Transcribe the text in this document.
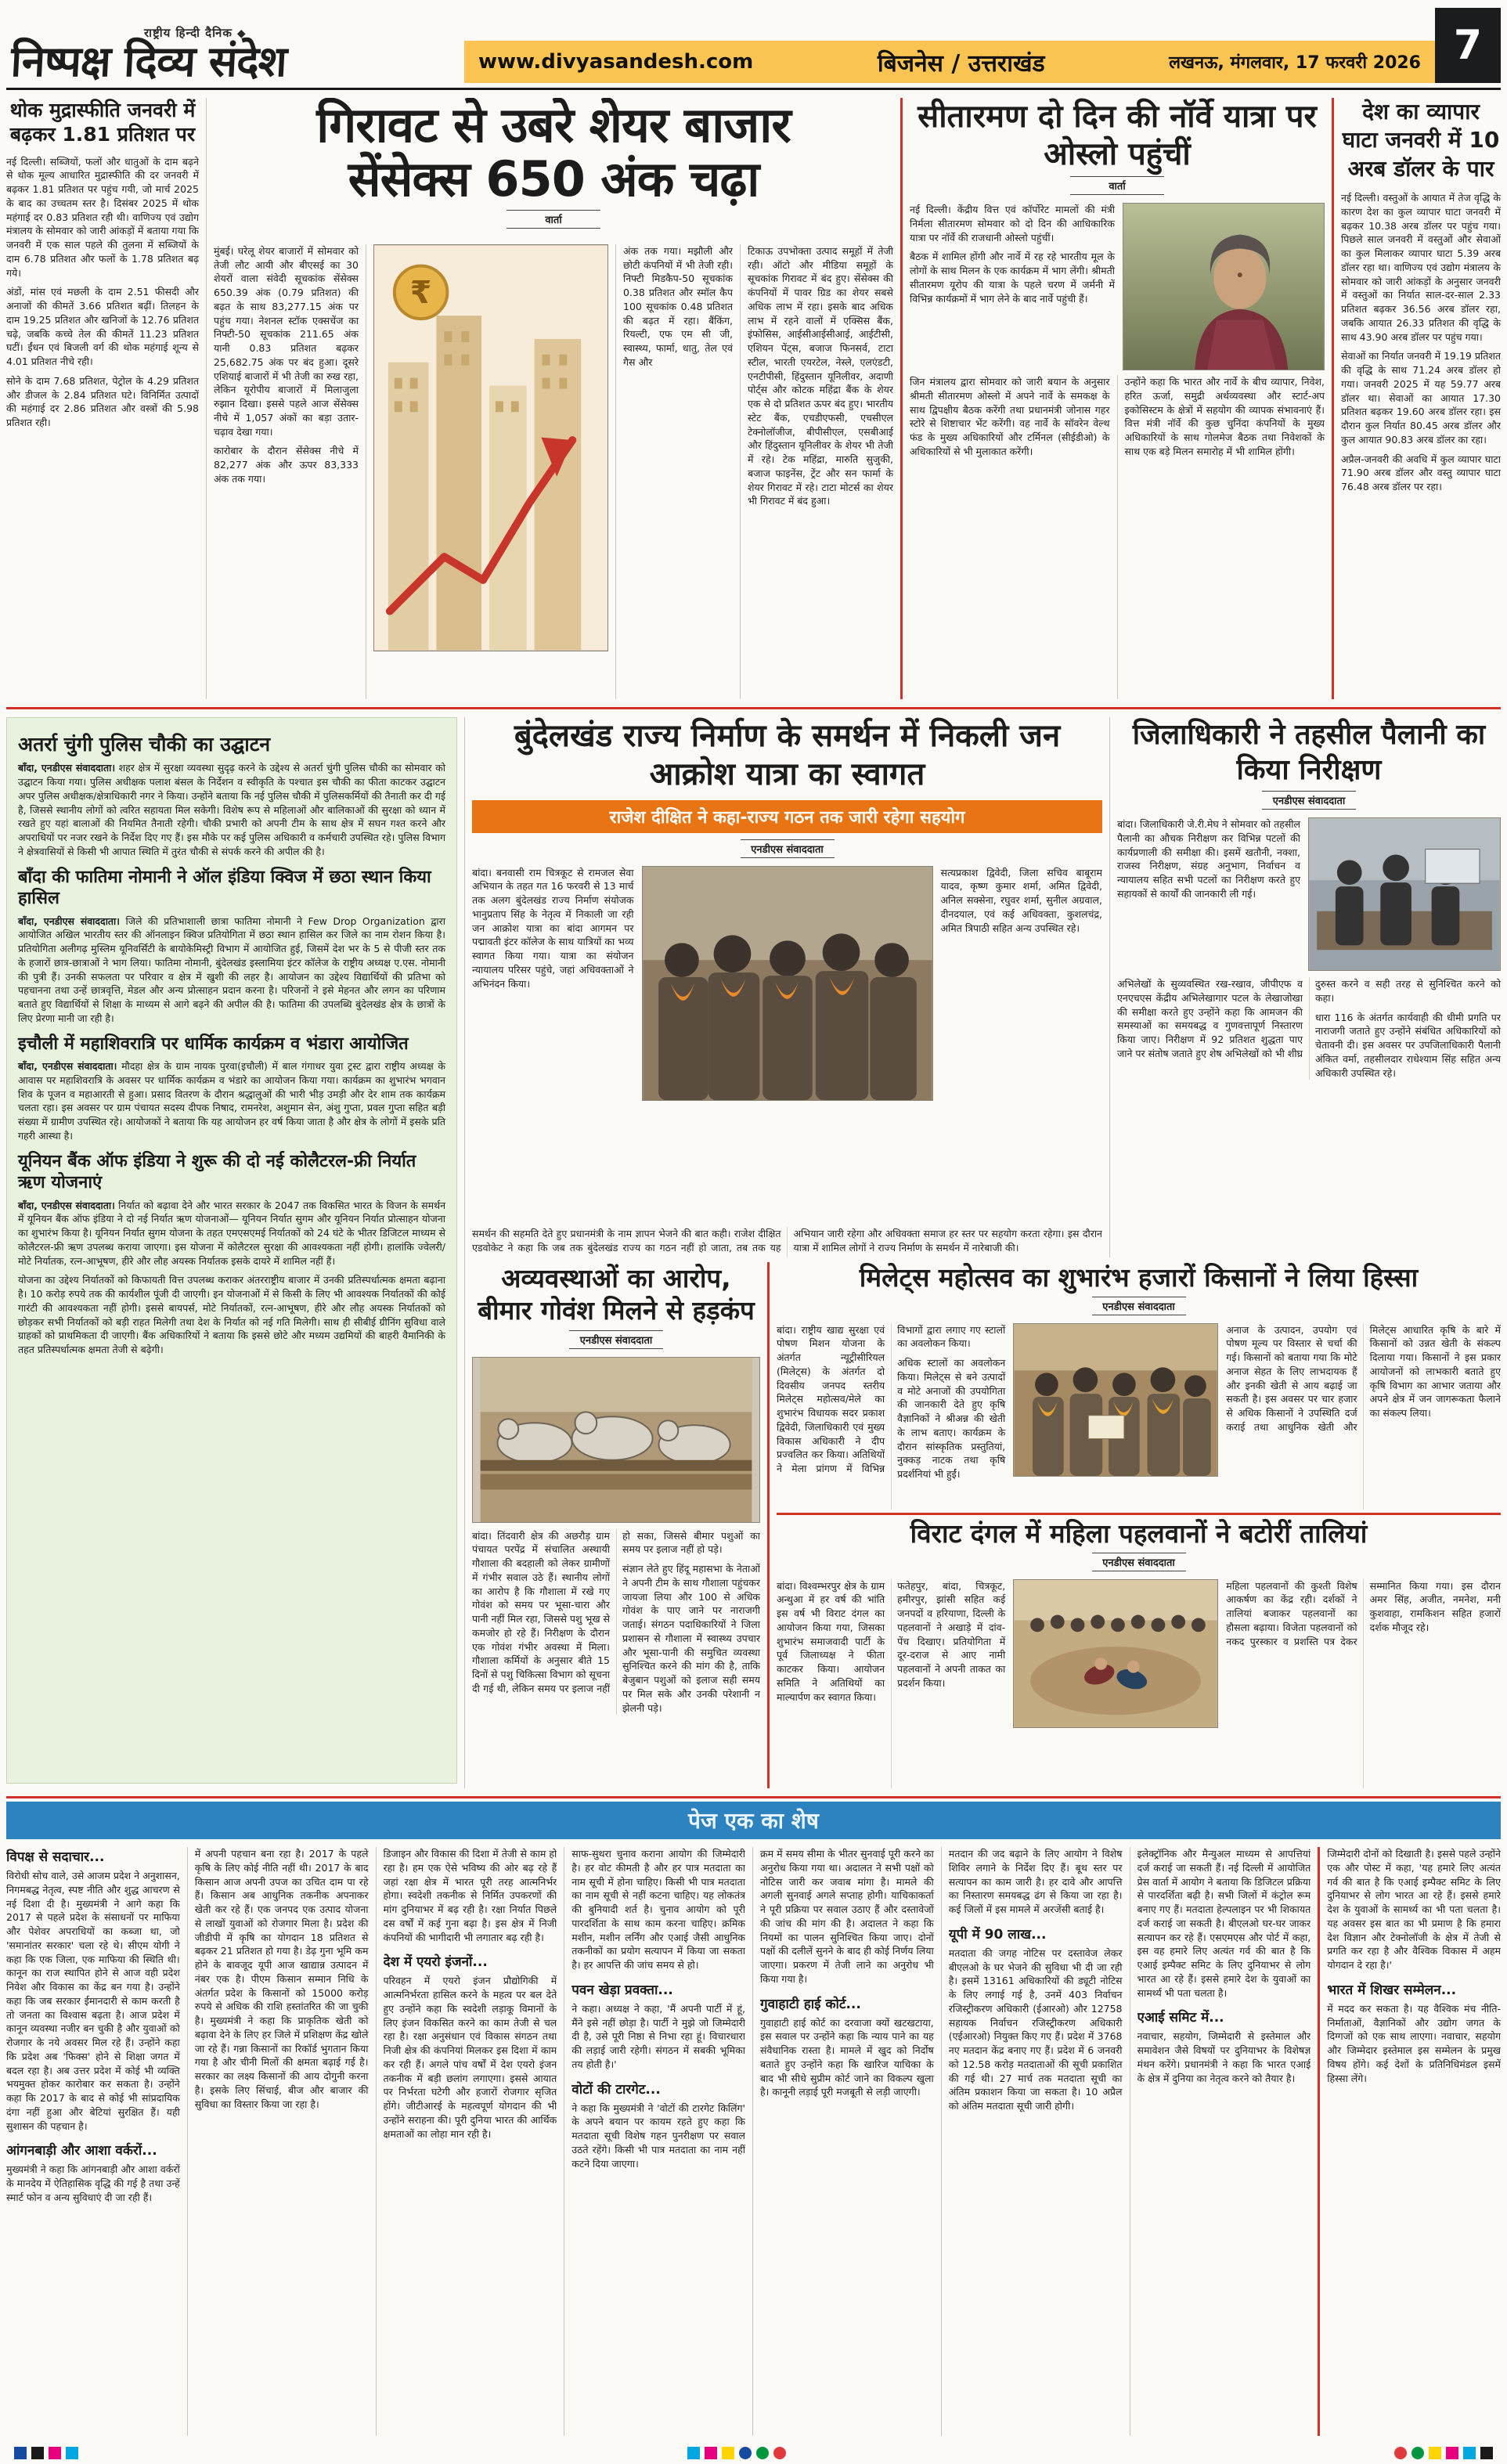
राष्ट्रीय हिन्दी दैनिक ◆
निष्पक्ष दिव्य संदेश	www.divyasandesh.com	बिजनेस / उत्तराखंड	लखनऊ, मंगलवार, 17 फरवरी 2026 7
थोक मुद्रास्फीति जनवरी में बढ़कर 1.81 प्रतिशत पर

नई दिल्ली। सब्जियों, फलों और धातुओं के दाम बढ़ने से थोक मूल्य आधारित मुद्रास्फीति की दर जनवरी में बढ़कर 1.81 प्रतिशत पर पहुंच गयी, जो मार्च 2025 के बाद का उच्चतम स्तर है। दिसंबर 2025 में थोक महंगाई दर 0.83 प्रतिशत रही थी। वाणिज्य एवं उद्योग मंत्रालय के सोमवार को जारी आंकड़ों में बताया गया कि जनवरी में एक साल पहले की तुलना में सब्जियों के दाम 6.78 प्रतिशत और फलों के 1.78 प्रतिशत बढ़ गये।

अंडों, मांस एवं मछली के दाम 2.51 फीसदी और अनाजों की कीमतें 3.66 प्रतिशत बढ़ीं। तिलहन के दाम 19.25 प्रतिशत और खनिजों के 12.76 प्रतिशत चढ़े, जबकि कच्चे तेल की कीमतें 11.23 प्रतिशत घटीं। ईंधन एवं बिजली वर्ग की थोक महंगाई शून्य से 4.01 प्रतिशत नीचे रही।

सोने के दाम 7.68 प्रतिशत, पेट्रोल के 4.29 प्रतिशत और डीजल के 2.84 प्रतिशत घटे। विनिर्मित उत्पादों की महंगाई दर 2.86 प्रतिशत और वस्त्रों की 5.98 प्रतिशत रही।

गिरावट से उबरे शेयर बाजार
सेंसेक्स 650 अंक चढ़ा
वार्ता

मुंबई। घरेलू शेयर बाजारों में सोमवार को तेजी लौट आयी और बीएसई का 30 शेयरों वाला संवेदी सूचकांक सेंसेक्स 650.39 अंक (0.79 प्रतिशत) की बढ़त के साथ 83,277.15 अंक पर पहुंच गया। नेशनल स्टॉक एक्सचेंज का निफ्टी-50 सूचकांक 211.65 अंक यानी 0.83 प्रतिशत बढ़कर 25,682.75 अंक पर बंद हुआ। दूसरे एशियाई बाजारों में भी तेजी का रुख रहा, लेकिन यूरोपीय बाजारों में मिलाजुला रुझान दिखा। इससे पहले आज सेंसेक्स नीचे में 1,057 अंकों का बड़ा उतार-चढ़ाव देखा गया।

कारोबार के दौरान सेंसेक्स नीचे में 82,277 अंक और ऊपर 83,333 अंक तक गया।

₹

अंक तक गया। मझौली और छोटी कंपनियों में भी तेजी रही। निफ्टी मिडकैप-50 सूचकांक 0.38 प्रतिशत और स्मॉल कैप 100 सूचकांक 0.48 प्रतिशत की बढ़त में रहा। बैंकिंग, रियल्टी, एफ एम सी जी, स्वास्थ्य, फार्मा, धातु, तेल एवं गैस और

टिकाऊ उपभोक्ता उत्पाद समूहों में तेजी रही। ऑटो और मीडिया समूहों के सूचकांक गिरावट में बंद हुए। सेंसेक्स की कंपनियों में पावर ग्रिड का शेयर सबसे अधिक लाभ में रहा। इसके बाद अधिक लाभ में रहने वालों में एक्सिस बैंक, इंफोसिस, आईसीआईसीआई, आईटीसी, एशियन पेंट्स, बजाज फिनसर्व, टाटा स्टील, भारती एयरटेल, नेस्ले, एलएंडटी, एनटीपीसी, हिंदुस्तान यूनिलीवर, अदाणी पोर्ट्स और कोटक महिंद्रा बैंक के शेयर एक से दो प्रतिशत ऊपर बंद हुए। भारतीय स्टेट बैंक, एचडीएफसी, एचसीएल टेक्नोलॉजीज, बीपीसीएल, एसबीआई और हिंदुस्तान यूनिलीवर के शेयर भी तेजी में रहे। टेक महिंद्रा, मारुति सुजुकी, बजाज फाइनेंस, ट्रेंट और सन फार्मा के शेयर गिरावट में रहे। टाटा मोटर्स का शेयर भी गिरावट में बंद हुआ।

सीतारमण दो दिन की नॉर्वे यात्रा पर ओस्लो पहुंचीं
वार्ता

नई दिल्ली। केंद्रीय वित्त एवं कॉर्पोरेट मामलों की मंत्री निर्मला सीतारमण सोमवार को दो दिन की आधिकारिक यात्रा पर नॉर्वे की राजधानी ओस्लो पहुंचीं।

बैठक में शामिल होंगी और नार्वे में रह रहे भारतीय मूल के लोगों के साथ मिलन के एक कार्यक्रम में भाग लेंगी। श्रीमती सीतारमण यूरोप की यात्रा के पहले चरण में जर्मनी में विभिन्न कार्यक्रमों में भाग लेने के बाद नार्वे पहुंची हैं।

जिन मंत्रालय द्वारा सोमवार को जारी बयान के अनुसार श्रीमती सीतारमण ओस्लो में अपने नार्वे के समकक्ष के साथ द्विपक्षीय बैठक करेंगी तथा प्रधानमंत्री जोनास गहर स्टोरे से शिष्टाचार भेंट करेंगी। वह नार्वे के सॉवरेन वेल्थ फंड के मुख्य अधिकारियों और टर्मिनल (सीईडीओ) के अधिकारियों से भी मुलाकात करेंगी।

उन्होंने कहा कि भारत और नार्वे के बीच व्यापार, निवेश, हरित ऊर्जा, समुद्री अर्थव्यवस्था और स्टार्ट-अप इकोसिस्टम के क्षेत्रों में सहयोग की व्यापक संभावनाएं हैं। वित्त मंत्री नॉर्वे की कुछ चुनिंदा कंपनियों के मुख्य अधिकारियों के साथ गोलमेज बैठक तथा निवेशकों के साथ एक बड़े मिलन समारोह में भी शामिल होंगी।

देश का व्यापार घाटा जनवरी में 10 अरब डॉलर के पार

नई दिल्ली। वस्तुओं के आयात में तेज वृद्धि के कारण देश का कुल व्यापार घाटा जनवरी में बढ़कर 10.38 अरब डॉलर पर पहुंच गया। पिछले साल जनवरी में वस्तुओं और सेवाओं का कुल मिलाकर व्यापार घाटा 5.39 अरब डॉलर रहा था। वाणिज्य एवं उद्योग मंत्रालय के सोमवार को जारी आंकड़ों के अनुसार जनवरी में वस्तुओं का निर्यात साल-दर-साल 2.33 प्रतिशत बढ़कर 36.56 अरब डॉलर रहा, जबकि आयात 26.33 प्रतिशत की वृद्धि के साथ 43.90 अरब डॉलर पर पहुंच गया।

सेवाओं का निर्यात जनवरी में 19.19 प्रतिशत की वृद्धि के साथ 71.24 अरब डॉलर हो गया। जनवरी 2025 में यह 59.77 अरब डॉलर था। सेवाओं का आयात 17.30 प्रतिशत बढ़कर 19.60 अरब डॉलर रहा। इस दौरान कुल निर्यात 80.45 अरब डॉलर और कुल आयात 90.83 अरब डॉलर का रहा।

अप्रैल-जनवरी की अवधि में कुल व्यापार घाटा 71.90 अरब डॉलर और वस्तु व्यापार घाटा 76.48 अरब डॉलर पर रहा।

अतर्रा चुंगी पुलिस चौकी का उद्घाटन

बाँदा, एनडीएस संवाददाता। शहर क्षेत्र में सुरक्षा व्यवस्था सुदृढ़ करने के उद्देश्य से अतर्रा चुंगी पुलिस चौकी का सोमवार को उद्घाटन किया गया। पुलिस अधीक्षक पलाश बंसल के निर्देशन व स्वीकृति के पश्चात इस चौकी का फीता काटकर उद्घाटन अपर पुलिस अधीक्षक/क्षेत्राधिकारी नगर ने किया। उन्होंने बताया कि नई पुलिस चौकी में पुलिसकर्मियों की तैनाती कर दी गई है, जिससे स्थानीय लोगों को त्वरित सहायता मिल सकेगी। विशेष रूप से महिलाओं और बालिकाओं की सुरक्षा को ध्यान में रखते हुए यहां बालाओं की नियमित तैनाती रहेगी। चौकी प्रभारी को अपनी टीम के साथ क्षेत्र में सघन गश्त करने और अपराधियों पर नजर रखने के निर्देश दिए गए हैं। इस मौके पर कई पुलिस अधिकारी व कर्मचारी उपस्थित रहे। पुलिस विभाग ने क्षेत्रवासियों से किसी भी आपात स्थिति में तुरंत चौकी से संपर्क करने की अपील की है।

बाँदा की फातिमा नोमानी ने ऑल इंडिया क्विज में छठा स्थान किया हासिल

बाँदा, एनडीएस संवाददाता। जिले की प्रतिभाशाली छात्रा फातिमा नोमानी ने Few Drop Organization द्वारा आयोजित अखिल भारतीय स्तर की ऑनलाइन क्विज प्रतियोगिता में छठा स्थान हासिल कर जिले का नाम रोशन किया है। प्रतियोगिता अलीगढ़ मुस्लिम यूनिवर्सिटी के बायोकेमिस्ट्री विभाग में आयोजित हुई, जिसमें देश भर के 5 से पीजी स्तर तक के हजारों छात्र-छात्राओं ने भाग लिया। फातिमा नोमानी, बुंदेलखंड इस्लामिया इंटर कॉलेज के राष्ट्रीय अध्यक्ष ए.एस. नोमानी की पुत्री हैं। उनकी सफलता पर परिवार व क्षेत्र में खुशी की लहर है। आयोजन का उद्देश्य विद्यार्थियों की प्रतिभा को पहचानना तथा उन्हें छात्रवृत्ति, मेडल और अन्य प्रोत्साहन प्रदान करना है। परिजनों ने इसे मेहनत और लगन का परिणाम बताते हुए विद्यार्थियों से शिक्षा के माध्यम से आगे बढ़ने की अपील की है। फातिमा की उपलब्धि बुंदेलखंड क्षेत्र के छात्रों के लिए प्रेरणा मानी जा रही है।

इचौली में महाशिवरात्रि पर धार्मिक कार्यक्रम व भंडारा आयोजित

बाँदा, एनडीएस संवाददाता। मौदहा क्षेत्र के ग्राम नायक पुरवा(इचौली) में बाल गंगाधर युवा ट्रस्ट द्वारा राष्ट्रीय अध्यक्ष के आवास पर महाशिवरात्रि के अवसर पर धार्मिक कार्यक्रम व भंडारे का आयोजन किया गया। कार्यक्रम का शुभारंभ भगवान शिव के पूजन व महाआरती से हुआ। प्रसाद वितरण के दौरान श्रद्धालुओं की भारी भीड़ उमड़ी और देर शाम तक कार्यक्रम चलता रहा। इस अवसर पर ग्राम पंचायत सदस्य दीपक निषाद, रामनरेश, अशुमान सेन, अंशु गुप्ता, प्रवल गुप्ता सहित बड़ी संख्या में ग्रामीण उपस्थित रहे। आयोजकों ने बताया कि यह आयोजन हर वर्ष किया जाता है और क्षेत्र के लोगों में इसके प्रति गहरी आस्था है।

यूनियन बैंक ऑफ इंडिया ने शुरू की दो नई कोलैटरल-फ्री निर्यात ऋण योजनाएं

बाँदा, एनडीएस संवाददाता। निर्यात को बढ़ावा देने और भारत सरकार के 2047 तक विकसित भारत के विजन के समर्थन में यूनियन बैंक ऑफ इंडिया ने दो नई निर्यात ऋण योजनाओं— यूनियन निर्यात सुगम और यूनियन निर्यात प्रोत्साहन योजना का शुभारंभ किया है। यूनियन निर्यात सुगम योजना के तहत एमएसएमई निर्यातकों को 24 घंटे के भीतर डिजिटल माध्यम से कोलैटरल-फ्री ऋण उपलब्ध कराया जाएगा। इस योजना में कोलैटरल सुरक्षा की आवश्यकता नहीं होगी। हालांकि ज्वेलरी/मोटे निर्यातक, रत्न-आभूषण, हीरे और लौह अयस्क निर्यातक इसके दायरे में शामिल नहीं हैं।

योजना का उद्देश्य निर्यातकों को किफायती वित्त उपलब्ध कराकर अंतरराष्ट्रीय बाजार में उनकी प्रतिस्पर्धात्मक क्षमता बढ़ाना है। 10 करोड़ रुपये तक की कार्यशील पूंजी दी जाएगी। इन योजनाओं में से किसी के लिए भी आवश्यक निर्यातकों की कोई गारंटी की आवश्यकता नहीं होगी। इससे बायपर्स, मोटे निर्यातकों, रत्न-आभूषण, हीरे और लौह अयस्क निर्यातकों को छोड़कर सभी निर्यातकों को बड़ी राहत मिलेगी तथा देश के निर्यात को नई गति मिलेगी। साथ ही सीबीई ग्रीनिंग सुविधा वाले ग्राहकों को प्राथमिकता दी जाएगी। बैंक अधिकारियों ने बताया कि इससे छोटे और मध्यम उद्यमियों की बाहरी वैमानिकी के तहत प्रतिस्पर्धात्मक क्षमता तेजी से बढ़ेगी।

बुंदेलखंड राज्य निर्माण के समर्थन में निकली जन आक्रोश यात्रा का स्वागत
राजेश दीक्षित ने कहा-राज्य गठन तक जारी रहेगा सहयोग
एनडीएस संवाददाता

बांदा। बनवासी राम चित्रकूट से रामजल सेवा अभियान के तहत गत 16 फरवरी से 13 मार्च तक अलग बुंदेलखंड राज्य निर्माण संयोजक भानुप्रताप सिंह के नेतृत्व में निकाली जा रही जन आक्रोश यात्रा का बांदा आगमन पर पद्मावती इंटर कॉलेज के साथ यात्रियों का भव्य स्वागत किया गया। यात्रा का संयोजन न्यायालय परिसर पहुंचे, जहां अधिवक्ताओं ने अभिनंदन किया।

सत्यप्रकाश द्विवेदी, जिला सचिव बाबूराम यादव, कृष्ण कुमार शर्मा, अमित द्विवेदी, अनिल सक्सेना, रघुवर शर्मा, सुनील अग्रवाल, दीनदयाल, एवं कई अधिवक्ता, कुशलचंद्र, अमित त्रिपाठी सहित अन्य उपस्थित रहे।

समर्थन की सहमति देते हुए प्रधानमंत्री के नाम ज्ञापन भेजने की बात कही। राजेश दीक्षित एडवोकेट ने कहा कि जब तक बुंदेलखंड राज्य का गठन नहीं हो जाता, तब तक यह अभियान जारी रहेगा और अधिवक्ता समाज हर स्तर पर सहयोग करता रहेगा। इस दौरान यात्रा में शामिल लोगों ने राज्य निर्माण के समर्थन में नारेबाजी की।

जिलाधिकारी ने तहसील पैलानी का किया निरीक्षण
एनडीएस संवाददाता

बांदा। जिलाधिकारी जे.री.मेघ ने सोमवार को तहसील पैलानी का औचक निरीक्षण कर विभिन्न पटलों की कार्यप्रणाली की समीक्षा की। इसमें खतौनी, नक्शा, राजस्व निरीक्षण, संग्रह अनुभाग, निर्वाचन व न्यायालय सहित सभी पटलों का निरीक्षण करते हुए सहायकों से कार्यों की जानकारी ली गई।

अभिलेखों के सुव्यवस्थित रख-रखाव, जीपीएफ व एनएचएस केंद्रीय अभिलेखागार पटल के लेखाजोखा की समीक्षा करते हुए उन्होंने कहा कि आमजन की समस्याओं का समयबद्ध व गुणवत्तापूर्ण निस्तारण किया जाए। निरीक्षण में 92 प्रतिशत शुद्धता पाए जाने पर संतोष जताते हुए शेष अभिलेखों को भी शीघ्र दुरुस्त करने व सही तरह से सुनिश्चित करने को कहा।

धारा 116 के अंतर्गत कार्यवाही की धीमी प्रगति पर नाराजगी जताते हुए उन्होंने संबंधित अधिकारियों को चेतावनी दी। इस अवसर पर उपजिलाधिकारी पैलानी अंकित वर्मा, तहसीलदार राधेश्याम सिंह सहित अन्य अधिकारी उपस्थित रहे।

अव्यवस्थाओं का आरोप, बीमार गोवंश मिलने से हड़कंप
एनडीएस संवाददाता

बांदा। तिंदवारी क्षेत्र की अछरौड़ ग्राम पंचायत परपेंद्र में संचालित अस्थायी गौशाला की बदहाली को लेकर ग्रामीणों में गंभीर सवाल उठे हैं। स्थानीय लोगों का आरोप है कि गौशाला में रखे गए गोवंश को समय पर भूसा-चारा और पानी नहीं मिल रहा, जिससे पशु भूख से कमजोर हो रहे हैं। निरीक्षण के दौरान एक गोवंश गंभीर अवस्था में मिला। गौशाला कर्मियों के अनुसार बीते 15 दिनों से पशु चिकित्सा विभाग को सूचना दी गई थी, लेकिन समय पर इलाज नहीं हो सका, जिससे बीमार पशुओं का समय पर इलाज नहीं हो पड़े।

संज्ञान लेते हुए हिंदू महासभा के नेताओं ने अपनी टीम के साथ गौशाला पहुंचकर जायजा लिया और 100 से अधिक गोवंश के पाए जाने पर नाराजगी जताई। संगठन पदाधिकारियों ने जिला प्रशासन से गौशाला में स्वास्थ्य उपचार और भूसा-पानी की समुचित व्यवस्था सुनिश्चित करने की मांग की है, ताकि बेजुबान पशुओं को इलाज सही समय पर मिल सके और उनकी परेशानी न झेलनी पड़े।

मिलेट्स महोत्सव का शुभारंभ हजारों किसानों ने लिया हिस्सा
एनडीएस संवाददाता

बांदा। राष्ट्रीय खाद्य सुरक्षा एवं पोषण मिशन योजना के अंतर्गत न्यूट्रीसीरियल (मिलेट्स) के अंतर्गत दो दिवसीय जनपद स्तरीय मिलेट्स महोत्सव/मेले का शुभारंभ विधायक सदर प्रकाश द्विवेदी, जिलाधिकारी एवं मुख्य विकास अधिकारी ने दीप प्रज्वलित कर किया। अतिथियों ने मेला प्रांगण में विभिन्न विभागों द्वारा लगाए गए स्टालों का अवलोकन किया।

अधिक स्टालों का अवलोकन किया। मिलेट्स से बने उत्पादों व मोटे अनाजों की उपयोगिता की जानकारी देते हुए कृषि वैज्ञानिकों ने श्रीअन्न की खेती के लाभ बताए। कार्यक्रम के दौरान सांस्कृतिक प्रस्तुतियां, नुक्कड़ नाटक तथा कृषि प्रदर्शनियां भी हुईं।

अनाज के उत्पादन, उपयोग एवं पोषण मूल्य पर विस्तार से चर्चा की गई। किसानों को बताया गया कि मोटे अनाज सेहत के लिए लाभदायक हैं और इनकी खेती से आय बढ़ाई जा सकती है। इस अवसर पर चार हजार से अधिक किसानों ने उपस्थिति दर्ज कराई तथा आधुनिक खेती और मिलेट्स आधारित कृषि के बारे में किसानों को उन्नत खेती के संकल्प दिलाया गया। किसानों ने इस प्रकार आयोजनों को लाभकारी बताते हुए कृषि विभाग का आभार जताया और अपने क्षेत्र में जन जागरूकता फैलाने का संकल्प लिया।

विराट दंगल में महिला पहलवानों ने बटोरीं तालियां
एनडीएस संवाददाता

बांदा। विश्वम्भरपुर क्षेत्र के ग्राम अन्थुआ में हर वर्ष की भांति इस वर्ष भी विराट दंगल का आयोजन किया गया, जिसका शुभारंभ समाजवादी पार्टी के पूर्व जिलाध्यक्ष ने फीता काटकर किया। आयोजन समिति ने अतिथियों का माल्यार्पण कर स्वागत किया।

फतेहपुर, बांदा, चित्रकूट, हमीरपुर, झांसी सहित कई जनपदों व हरियाणा, दिल्ली के पहलवानों ने अखाड़े में दांव-पेंच दिखाए। प्रतियोगिता में दूर-दराज से आए नामी पहलवानों ने अपनी ताकत का प्रदर्शन किया।

महिला पहलवानों की कुश्ती विशेष आकर्षण का केंद्र रही। दर्शकों ने तालियां बजाकर पहलवानों का हौसला बढ़ाया। विजेता पहलवानों को नकद पुरस्कार व प्रशस्ति पत्र देकर सम्मानित किया गया। इस दौरान अमर सिंह, अजीत, नमनेश, मनी कुशवाहा, रामकिशन सहित हजारों दर्शक मौजूद रहे।

पेज एक का शेष
विपक्ष से सदाचार...

विरोधी सोच वाले, उसे आजम प्रदेश ने अनुशासन, निगमबद्ध नेतृत्व, स्पष्ट नीति और शुद्ध आचरण से नई दिशा दी है। मुख्यमंत्री ने आगे कहा कि 2017 से पहले प्रदेश के संसाधनों पर माफिया और पेशेवर अपराधियों का कब्जा था, जो 'समानांतर सरकार' चला रहे थे। सीएम योगी ने कहा कि एक जिला, एक माफिया की स्थिति थी। कानून का राज स्थापित होने से आज वही प्रदेश निवेश और विकास का केंद्र बन गया है। उन्होंने कहा कि जब सरकार ईमानदारी से काम करती है तो जनता का विश्वास बढ़ता है। आज प्रदेश में कानून व्यवस्था नजीर बन चुकी है और युवाओं को रोजगार के नये अवसर मिल रहे हैं। उन्होंने कहा कि प्रदेश अब 'फिक्स' होने से शिक्षा जगत में बदल रहा है। अब उत्तर प्रदेश में कोई भी व्यक्ति भयमुक्त होकर कारोबार कर सकता है। उन्होंने कहा कि 2017 के बाद से कोई भी सांप्रदायिक दंगा नहीं हुआ और बेटियां सुरक्षित हैं। यही सुशासन की पहचान है।

आंगनबाड़ी और आशा वर्करों...

मुख्यमंत्री ने कहा कि आंगनबाड़ी और आशा वर्करों के मानदेय में ऐतिहासिक वृद्धि की गई है तथा उन्हें स्मार्ट फोन व अन्य सुविधाएं दी जा रही हैं।

में अपनी पहचान बना रहा है। 2017 के पहले कृषि के लिए कोई नीति नहीं थी। 2017 के बाद किसान आज अपनी उपज का उचित दाम पा रहे हैं। किसान अब आधुनिक तकनीक अपनाकर खेती कर रहे हैं। एक जनपद एक उत्पाद योजना से लाखों युवाओं को रोजगार मिला है। प्रदेश की जीडीपी में कृषि का योगदान 18 प्रतिशत से बढ़कर 21 प्रतिशत हो गया है। डेढ़ गुना भूमि कम होने के बावजूद यूपी आज खाद्यान्न उत्पादन में नंबर एक है। पीएम किसान सम्मान निधि के अंतर्गत प्रदेश के किसानों को 15000 करोड़ रुपये से अधिक की राशि हस्तांतरित की जा चुकी है। मुख्यमंत्री ने कहा कि प्राकृतिक खेती को बढ़ावा देने के लिए हर जिले में प्रशिक्षण केंद्र खोले जा रहे हैं। गन्ना किसानों का रिकॉर्ड भुगतान किया गया है और चीनी मिलों की क्षमता बढ़ाई गई है। सरकार का लक्ष्य किसानों की आय दोगुनी करना है। इसके लिए सिंचाई, बीज और बाजार की सुविधा का विस्तार किया जा रहा है।

डिजाइन और विकास की दिशा में तेजी से काम हो रहा है। हम एक ऐसे भविष्य की ओर बढ़ रहे हैं जहां रक्षा क्षेत्र में भारत पूरी तरह आत्मनिर्भर होगा। स्वदेशी तकनीक से निर्मित उपकरणों की मांग दुनियाभर में बढ़ रही है। रक्षा निर्यात पिछले दस वर्षों में कई गुना बढ़ा है। इस क्षेत्र में निजी कंपनियों की भागीदारी भी लगातार बढ़ रही है।

देश में एयरो इंजनों...

परिवहन में एयरो इंजन प्रौद्योगिकी में आत्मनिर्भरता हासिल करने के महत्व पर बल देते हुए उन्होंने कहा कि स्वदेशी लड़ाकू विमानों के लिए इंजन विकसित करने का काम तेजी से चल रहा है। रक्षा अनुसंधान एवं विकास संगठन तथा निजी क्षेत्र की कंपनियां मिलकर इस दिशा में काम कर रही हैं। अगले पांच वर्षों में देश एयरो इंजन तकनीक में बड़ी छलांग लगाएगा। इससे आयात पर निर्भरता घटेगी और हजारों रोजगार सृजित होंगे। जीटीआरई के महत्वपूर्ण योगदान की भी उन्होंने सराहना की। पूरी दुनिया भारत की आर्थिक क्षमताओं का लोहा मान रही है।

साफ-सुथरा चुनाव कराना आयोग की जिम्मेदारी है। हर वोट कीमती है और हर पात्र मतदाता का नाम सूची में होना चाहिए। किसी भी पात्र मतदाता का नाम सूची से नहीं कटना चाहिए। यह लोकतंत्र की बुनियादी शर्त है। चुनाव आयोग को पूरी पारदर्शिता के साथ काम करना चाहिए। क्रमिक मशीन, मशीन लर्निंग और एआई जैसी आधुनिक तकनीकों का प्रयोग सत्यापन में किया जा सकता है। हर आपत्ति की जांच समय से हो।

पवन खेड़ा प्रवक्ता...

ने कहा। अध्यक्ष ने कहा, 'मैं अपनी पार्टी में हूं, मैंने इसे नहीं छोड़ा है। पार्टी ने मुझे जो जिम्मेदारी दी है, उसे पूरी निष्ठा से निभा रहा हूं। विचारधारा की लड़ाई जारी रहेगी। संगठन में सबकी भूमिका तय होती है।'

वोटों की टारगेट...

ने कहा कि मुख्यमंत्री ने 'वोटों की टारगेट किलिंग' के अपने बयान पर कायम रहते हुए कहा कि मतदाता सूची विशेष गहन पुनरीक्षण पर सवाल उठते रहेंगे। किसी भी पात्र मतदाता का नाम नहीं कटने दिया जाएगा।

क्रम में समय सीमा के भीतर सुनवाई पूरी करने का अनुरोध किया गया था। अदालत ने सभी पक्षों को नोटिस जारी कर जवाब मांगा है। मामले की अगली सुनवाई अगले सप्ताह होगी। याचिकाकर्ता ने पूरी प्रक्रिया पर सवाल उठाए हैं और दस्तावेजों की जांच की मांग की है। अदालत ने कहा कि नियमों का पालन सुनिश्चित किया जाए। दोनों पक्षों की दलीलें सुनने के बाद ही कोई निर्णय लिया जाएगा। प्रकरण में तेजी लाने का अनुरोध भी किया गया है।

गुवाहाटी हाई कोर्ट...

गुवाहाटी हाई कोर्ट का दरवाजा क्यों खटखटाया, इस सवाल पर उन्होंने कहा कि न्याय पाने का यह संवैधानिक रास्ता है। मामले में खुद को निर्दोष बताते हुए उन्होंने कहा कि खारिज याचिका के बाद भी सीधे सुप्रीम कोर्ट जाने का विकल्प खुला है। कानूनी लड़ाई पूरी मजबूती से लड़ी जाएगी।

मतदान की जद बढ़ाने के लिए आयोग ने विशेष शिविर लगाने के निर्देश दिए हैं। बूथ स्तर पर सत्यापन का काम जारी है। हर दावे और आपत्ति का निस्तारण समयबद्ध ढंग से किया जा रहा है। कई जिलों में इस मामले में अरजेंसी बताई है।

यूपी में 90 लाख...

मतदाता की जगह नोटिस पर दस्तावेज लेकर बीएलओ के घर भेजने की सुविधा भी दी जा रही है। इसमें 13161 अधिकारियों की ड्यूटी नोटिस के लिए लगाई गई है, उनमें 403 निर्वाचन रजिस्ट्रीकरण अधिकारी (ईआरओ) और 12758 सहायक निर्वाचन रजिस्ट्रीकरण अधिकारी (एईआरओ) नियुक्त किए गए हैं। प्रदेश में 3768 नए मतदान केंद्र बनाए गए हैं। प्रदेश में 6 जनवरी को 12.58 करोड़ मतदाताओं की सूची प्रकाशित की गई थी। 27 मार्च तक मतदाता सूची का अंतिम प्रकाशन किया जा सकता है। 10 अप्रैल को अंतिम मतदाता सूची जारी होगी।

इलेक्ट्रॉनिक और मैन्युअल माध्यम से आपत्तियां दर्ज कराई जा सकती हैं। नई दिल्ली में आयोजित प्रेस वार्ता में आयोग ने बताया कि डिजिटल प्रक्रिया से पारदर्शिता बढ़ी है। सभी जिलों में कंट्रोल रूम बनाए गए हैं। मतदाता हेल्पलाइन पर भी शिकायत दर्ज कराई जा सकती है। बीएलओ घर-घर जाकर सत्यापन कर रहे हैं। एसएमएस और पोर्ट में कहा, इस वह हमारे लिए अत्यंत गर्व की बात है कि एआई इम्पैक्ट समिट के लिए दुनियाभर से लोग भारत आ रहे हैं। इससे हमारे देश के युवाओं का सामर्थ्य भी पता चलता है।

एआई समिट में...

नवाचार, सहयोग, जिम्मेदारी से इस्तेमाल और समावेशन जैसे विषयों पर दुनियाभर के विशेषज्ञ मंथन करेंगे। प्रधानमंत्री ने कहा कि भारत एआई के क्षेत्र में दुनिया का नेतृत्व करने को तैयार है।

जिम्मेदारी दोनों को दिखाती है। इससे पहले उन्होंने एक और पोस्ट में कहा, 'यह हमारे लिए अत्यंत गर्व की बात है कि एआई इम्पैक्ट समिट के लिए दुनियाभर से लोग भारत आ रहे हैं। इससे हमारे देश के युवाओं के सामर्थ्य का भी पता चलता है। यह अवसर इस बात का भी प्रमाण है कि हमारा देश विज्ञान और टेक्नोलॉजी के क्षेत्र में तेजी से प्रगति कर रहा है और वैश्विक विकास में अहम योगदान दे रहा है।'

भारत में शिखर सम्मेलन...

में मदद कर सकता है। यह वैश्विक मंच नीति-निर्माताओं, वैज्ञानिकों और उद्योग जगत के दिग्गजों को एक साथ लाएगा। नवाचार, सहयोग और जिम्मेदार इस्तेमाल इस सम्मेलन के प्रमुख विषय होंगे। कई देशों के प्रतिनिधिमंडल इसमें हिस्सा लेंगे।
